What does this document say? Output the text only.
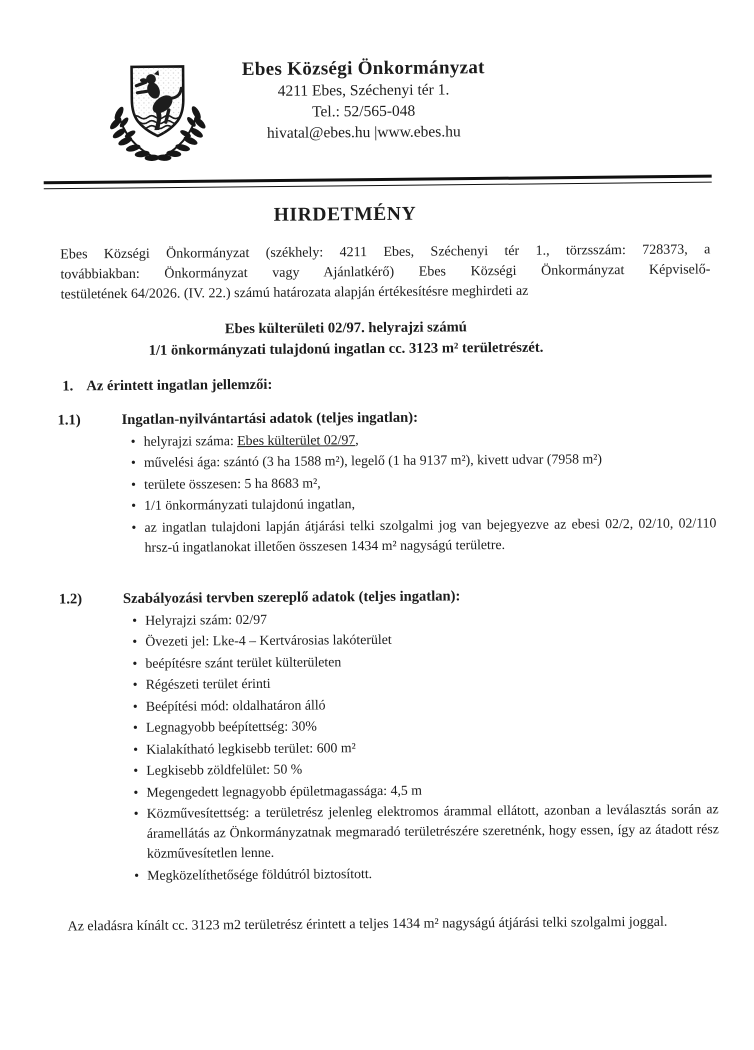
Ebes Községi Önkormányzat
4211 Ebes, Széchenyi tér 1.
Tel.: 52/565-048
hivatal@ebes.hu |www.ebes.hu
HIRDETMÉNY
Ebes Községi Önkormányzat (székhely: 4211 Ebes, Széchenyi tér 1., törzsszám: 728373, a
továbbiakban: Önkormányzat vagy Ajánlatkérő) Ebes Községi Önkormányzat Képviselő-
testületének 64/2026. (IV. 22.) számú határozata alapján értékesítésre meghirdeti az
Ebes külterületi 02/97. helyrajzi számú
1/1 önkormányzati tulajdonú ingatlan cc. 3123 m² területrészét.
1. Az érintett ingatlan jellemzői:
1.1)	Ingatlan-nyilvántartási adatok (teljes ingatlan):
• helyrajzi száma: Ebes külterület 02/97,
• művelési ága: szántó (3 ha 1588 m²), legelő (1 ha 9137 m²), kivett udvar (7958 m²)
• területe összesen: 5 ha 8683 m²,
• 1/1 önkormányzati tulajdonú ingatlan,
• az ingatlan tulajdoni lapján átjárási telki szolgalmi jog van bejegyezve az ebesi 02/2, 02/10, 02/110 hrsz-ú ingatlanokat illetően összesen 1434 m² nagyságú területre.
1.2)	Szabályozási tervben szereplő adatok (teljes ingatlan):
• Helyrajzi szám: 02/97
• Övezeti jel: Lke-4 – Kertvárosias lakóterület
• beépítésre szánt terület külterületen
• Régészeti terület érinti
• Beépítési mód: oldalhatáron álló
• Legnagyobb beépítettség: 30%
• Kialakítható legkisebb terület: 600 m²
• Legkisebb zöldfelület: 50 %
• Megengedett legnagyobb épületmagassága: 4,5 m
• Közművesítettség: a területrész jelenleg elektromos árammal ellátott, azonban a leválasztás során az áramellátás az Önkormányzatnak megmaradó területrészére szeretnénk, hogy essen, így az átadott rész közművesítetlen lenne.
• Megközelíthetősége földútról biztosított.
Az eladásra kínált cc. 3123 m2 területrész érintett a teljes 1434 m² nagyságú átjárási telki szolgalmi joggal.
